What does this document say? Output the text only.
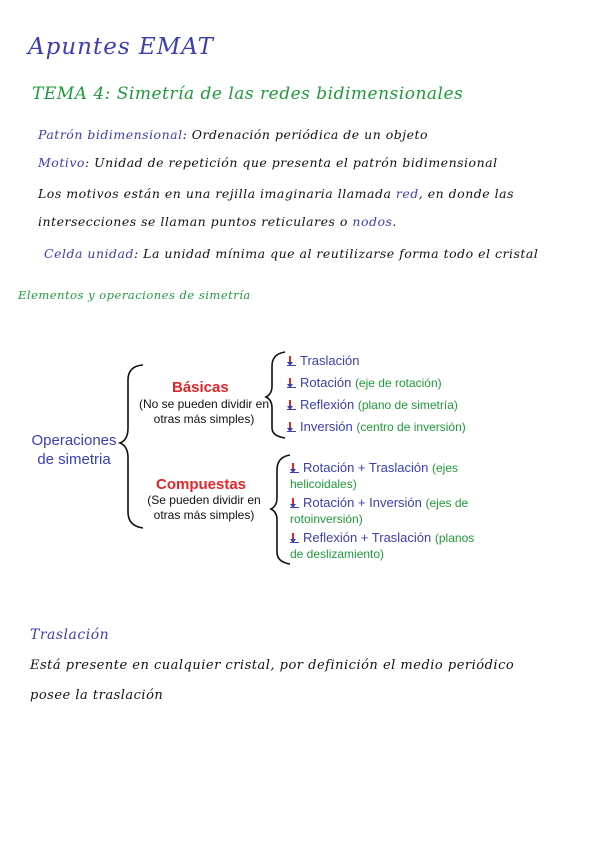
Apuntes EMAT
TEMA 4: Simetría de las redes bidimensionales
Patrón bidimensional: Ordenación periódica de un objeto
Motivo: Unidad de repetición que presenta el patrón bidimensional
Los motivos están en una rejilla imaginaria llamada red, en donde las
intersecciones se llaman puntos reticulares o nodos.
Celda unidad: La unidad mínima que al reutilizarse forma todo el cristal
Elementos y operaciones de simetría
Operaciones de simetria
Básicas
(No se pueden dividir en otras más simples)
Traslación
Rotación (eje de rotación)
Reflexión (plano de simetría)
Inversión (centro de inversión)
Compuestas
(Se pueden dividir en otras más simples)
Rotación + Traslación (ejes
helicoidales)
Rotación + Inversión (ejes de
rotoinversión)
Reflexión + Traslación (planos
de deslizamiento)
Traslación
Está presente en cualquier cristal, por definición el medio periódico
posee la traslación
